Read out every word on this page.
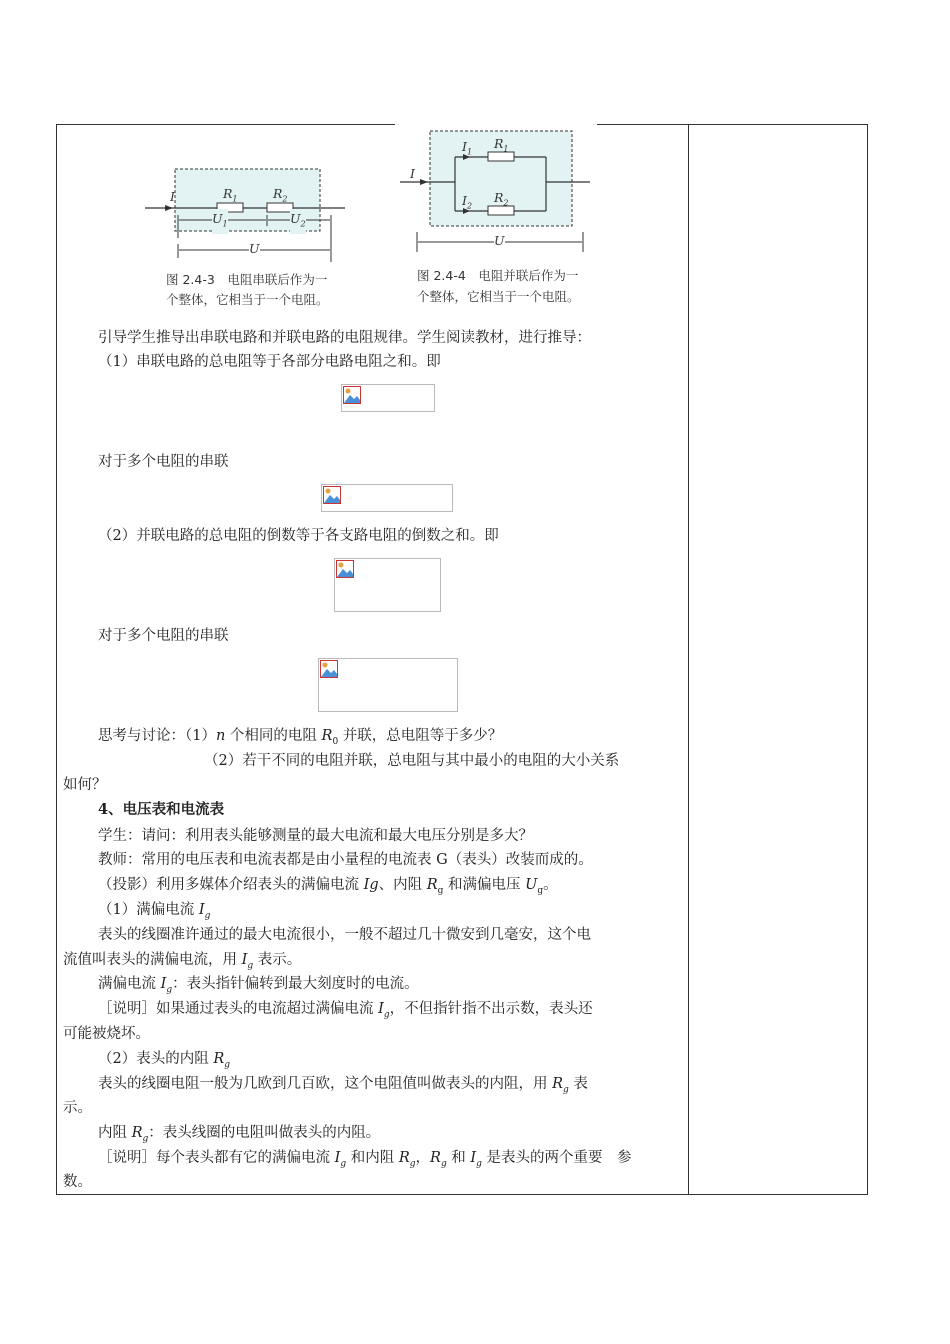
I	$R_1$	$R_2$
$U_1$	$U_2$
U
图 2.4-3　电阻串联后作为一
个整体，它相当于一个电阻。
I
$I_1$
$R_1$
$I_2$
$R_2$
U
图 2.4-4　电阻并联后作为一
个整体，它相当于一个电阻。
引导学生推导出串联电路和并联电路的电阻规律。学生阅读教材，进行推导：
（1）串联电路的总电阻等于各部分电路电阻之和。即
对于多个电阻的串联
（2）并联电路的总电阻的倒数等于各支路电阻的倒数之和。即
对于多个电阻的串联
思考与讨论：（1）n 个相同的电阻 $R_0$ 并联，总电阻等于多少？
（2）若干不同的电阻并联，总电阻与其中最小的电阻的大小关系
如何？
4、电压表和电流表
学生：请问：利用表头能够测量的最大电流和最大电压分别是多大？
教师：常用的电压表和电流表都是由小量程的电流表 G（表头）改装而成的。
（投影）利用多媒体介绍表头的满偏电流 Ig、内阻 $R_g$ 和满偏电压 $U_g$。
（1）满偏电流 $I_g$
表头的线圈准许通过的最大电流很小，一般不超过几十微安到几毫安，这个电
流值叫表头的满偏电流，用 $I_g$ 表示。
满偏电流 $I_g$：表头指针偏转到最大刻度时的电流。
［说明］如果通过表头的电流超过满偏电流 $I_g$，不但指针指不出示数，表头还
可能被烧坏。
（2）表头的内阻 $R_g$
表头的线圈电阻一般为几欧到几百欧，这个电阻值叫做表头的内阻，用 $R_g$ 表
示。
内阻 $R_g$：表头线圈的电阻叫做表头的内阻。
［说明］每个表头都有它的满偏电流 $I_g$ 和内阻 $R_g$，$R_g$ 和 $I_g$ 是表头的两个重要　参
数。
